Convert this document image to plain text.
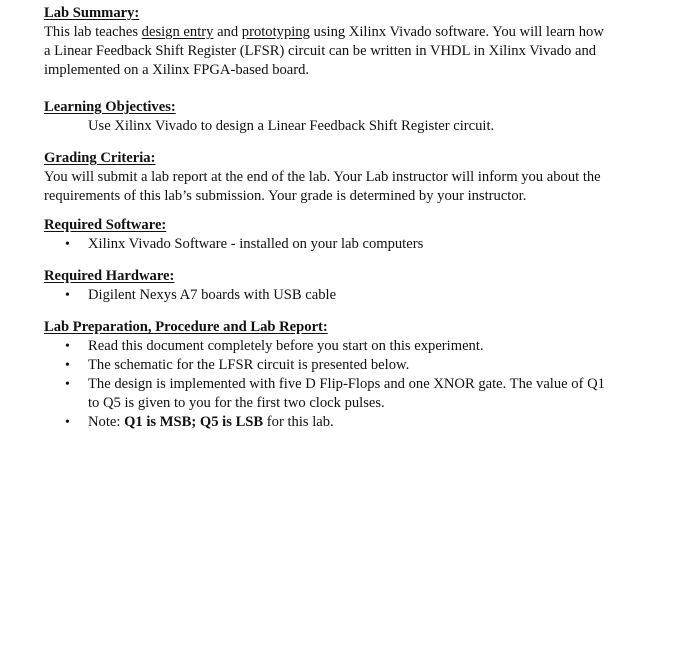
Lab Summary:

This lab teaches design entry and prototyping using Xilinx Vivado software. You will learn how
a Linear Feedback Shift Register (LFSR) circuit can be written in VHDL in Xilinx Vivado and
implemented on a Xilinx FPGA-based board.

Learning Objectives:

Use Xilinx Vivado to design a Linear Feedback Shift Register circuit.

Grading Criteria:

You will submit a lab report at the end of the lab. Your Lab instructor will inform you about the
requirements of this lab’s submission. Your grade is determined by your instructor.

Required Software:
• Xilinx Vivado Software - installed on your lab computers
Required Hardware:
• Digilent Nexys A7 boards with USB cable
Lab Preparation, Procedure and Lab Report:
• Read this document completely before you start on this experiment.
• The schematic for the LFSR circuit is presented below.
• The design is implemented with five D Flip-Flops and one XNOR gate. The value of Q1
to Q5 is given to you for the first two clock pulses.
• Note: Q1 is MSB; Q5 is LSB for this lab.
